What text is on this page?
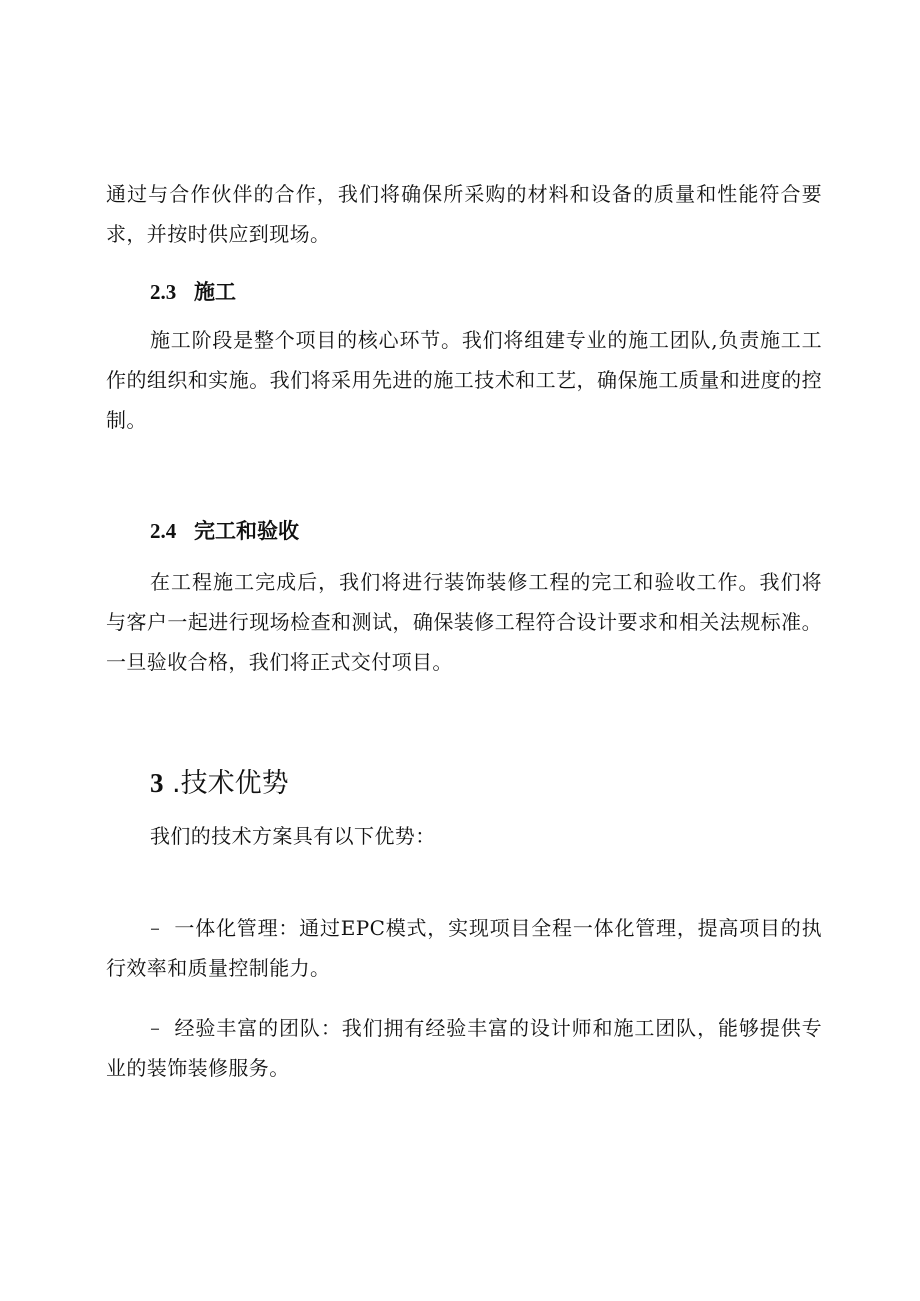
通过与合作伙伴的合作，我们将确保所采购的材料和设备的质量和性能符合要求，并按时供应到现场。

2.3 施工

施工阶段是整个项目的核心环节。我们将组建专业的施工团队,负责施工工作的组织和实施。我们将采用先进的施工技术和工艺，确保施工质量和进度的控制。

2.4 完工和验收

在工程施工完成后，我们将进行装饰装修工程的完工和验收工作。我们将与客户一起进行现场检查和测试，确保装修工程符合设计要求和相关法规标准。一旦验收合格，我们将正式交付项目。

3 .技术优势

我们的技术方案具有以下优势：

– 一体化管理：通过EPC模式，实现项目全程一体化管理，提高项目的执行效率和质量控制能力。

– 经验丰富的团队：我们拥有经验丰富的设计师和施工团队，能够提供专业的装饰装修服务。
